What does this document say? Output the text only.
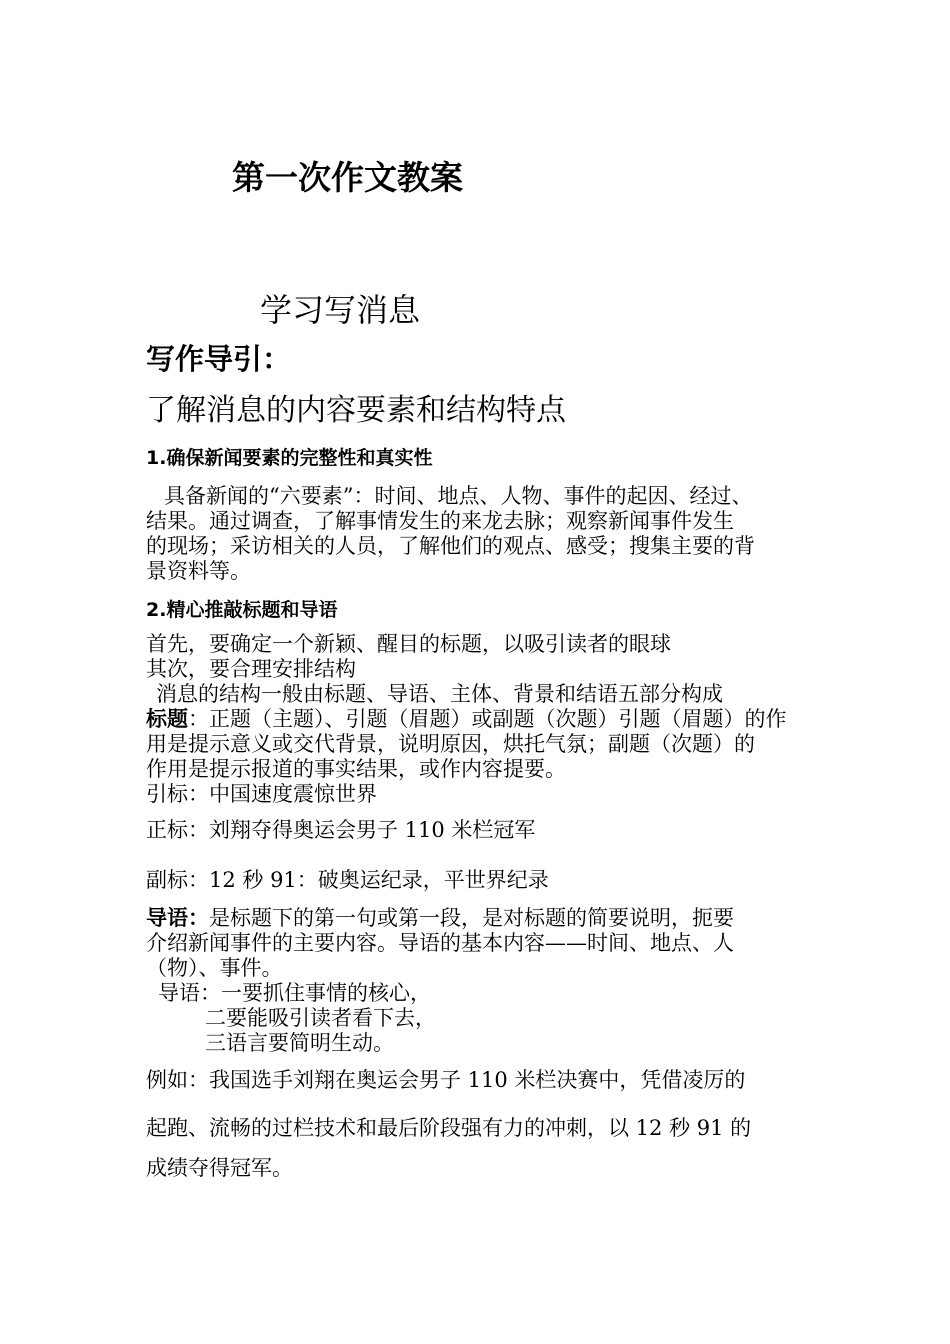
第一次作文教案
学习写消息
写作导引：
了解消息的内容要素和结构特点
1.确保新闻要素的完整性和真实性
具备新闻的“六要素”：时间、地点、人物、事件的起因、经过、
结果。通过调查，了解事情发生的来龙去脉；观察新闻事件发生
的现场；采访相关的人员，了解他们的观点、感受；搜集主要的背
景资料等。
2.精心推敲标题和导语
首先，要确定一个新颖、醒目的标题，以吸引读者的眼球
其次，要合理安排结构
消息的结构一般由标题、导语、主体、背景和结语五部分构成
标题：正题（主题）、引题（眉题）或副题（次题）引题（眉题）的作
用是提示意义或交代背景，说明原因，烘托气氛；副题（次题）的
作用是提示报道的事实结果，或作内容提要。
引标：中国速度震惊世界
正标：刘翔夺得奥运会男子 110 米栏冠军
副标：12 秒 91：破奥运纪录，平世界纪录
导语：是标题下的第一句或第一段，是对标题的简要说明，扼要
介绍新闻事件的主要内容。导语的基本内容——时间、地点、人
（物）、事件。
导语：一要抓住事情的核心，
二要能吸引读者看下去，
三语言要简明生动。
例如：我国选手刘翔在奥运会男子 110 米栏决赛中，凭借凌厉的
起跑、流畅的过栏技术和最后阶段强有力的冲刺，以 12 秒 91 的
成绩夺得冠军。
